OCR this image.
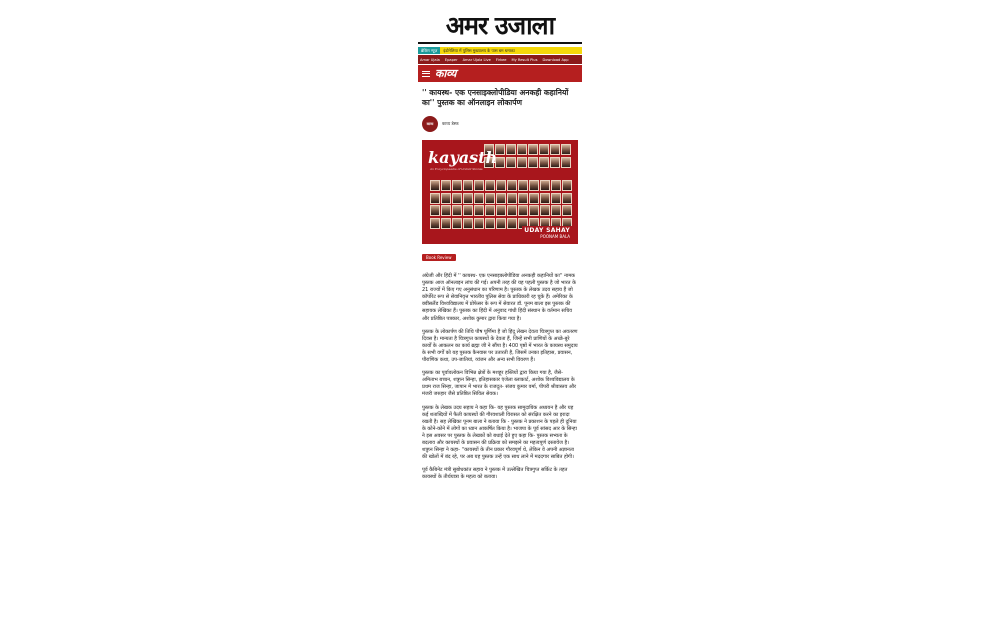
अमर उजाला
ब्रेकिंग न्यूज़	इंडोनेशिया में पुलिस मुख्यालय के पास बम धमाका
Amar Ujala Epaper Amar Ujala Live Firkee My Result Plus Download App
काव्य
'' कायस्थ- एक एनसाइक्लोपीडिया अनकही कहानियों का'' पुस्तक का ऑनलाइन लोकार्पण
काव्य	काव्य डेस्क
kayasth
An Encyclopaedia of Untold Stories
UDAY SAHAY
POONAM BALA
Book Review

अंग्रेजी और हिंदी में '' कायस्थ- एक एनसाइक्लोपीडिया अनकही कहानियों का'' नामक पुस्तक आज ऑनलाइन लांच की गई। अपनी तरह की यह पहली पुस्तक है जो भारत के 21 राज्यों में किए गए अनुसंधान का परिणाम है। पुस्तक के लेखक उदय सहाय हैं जो कॉर्पोरेट रूप से सेवानिवृत्त भारतीय पुलिस सेवा के प्राधिकारी रह चुके हैं। अमेरिका के क्वींसलैंड विश्वविद्यालय में प्रोफेसर के रूप में सेवारत डॉ. पूनम बाला इस पुस्तक की सहायक लेखिका हैं। पुस्तक का हिंदी में अनुवाद गांधी हिंदी संस्थान के वर्तमान सचिव और प्रतिष्ठित पत्रकार, अशोक कुमार द्वारा किया गया है।

पुस्तक के लोकार्पण की तिथि पौष पूर्णिमा है जो हिंदू लेखन देवता चित्रगुप्त का अवतरण दिवस है। मान्यता है चित्रगुप्त कायस्थों के देवता हैं, जिन्हें सभी प्राणियों के अच्छे-बुरे कार्यों के आकलन का कार्य ब्रह्मा जी ने सौंपा है। 400 पृष्ठों में भारत के कायस्थ समुदाय के सभी वर्गों को यह पुस्तक कैनवास पर उतारती है, जिसमें उनका इतिहास, प्रवासन, पौराणिक कथा, उप-जातियां, व्यंजन और अन्य सभी विवरण हैं।

पुस्तक का पूर्वावलोकन विभिन्न क्षेत्रों के मशहूर हस्तियों द्वारा किया गया है, जैसे- अमिताभ बच्चन, शत्रुघ्न सिन्हा, इतिहासकार एंजेला ब्लाकार्ट, अशोक विश्वविद्यालय के प्रथम राज सिन्हा, जापान में भारत के राजदूत- संजय कुमार वर्मा, पीपरी श्रीवास्तव और मंजरी जरुहार जैसे प्रतिष्ठित सिविल सेवक।

पुस्तक के लेखक उदय सहाय ने कहा कि- यह पुस्तक सामुदायिक अध्ययन है और यह कई शताब्दियों में फैली कायस्थों की गौरवशाली विरासत को संरक्षित करने का इरादा रखती है। सह लेखिका पूनम बाला ने बताया कि - पुस्तक ने प्रकाशन के पहले ही दुनिया के कोने-कोने में लोगों का ध्यान आकर्षित किया है। भाजपा के पूर्व सांसद आर के सिन्हा ने इस अवसर पर पुस्तक के लेखकों को बधाई देते हुए कहा कि- पुस्तक सभ्यता के बदलाव और कायस्थों के प्रवासन की प्रक्रिया को समझने का महत्वपूर्ण दस्तावेज है। शत्रुघ्न सिन्हा ने कहा- ''कायस्थों के तीन प्रकार गौरवपूर्ण थे, लेकिन वे अपनी अज्ञानता की खोलों में बंद रहे, पर अब यह पुस्तक उन्हें एक साथ लाने में मददगार साबित होगी।

पूर्व कैबिनेट मंत्री सुबोधकांत सहाय ने पुस्तक में उल्लेखित चित्रगुप्त सर्किट के तहत कायस्थों के तीर्थयात्रा के महत्व को बताया।
